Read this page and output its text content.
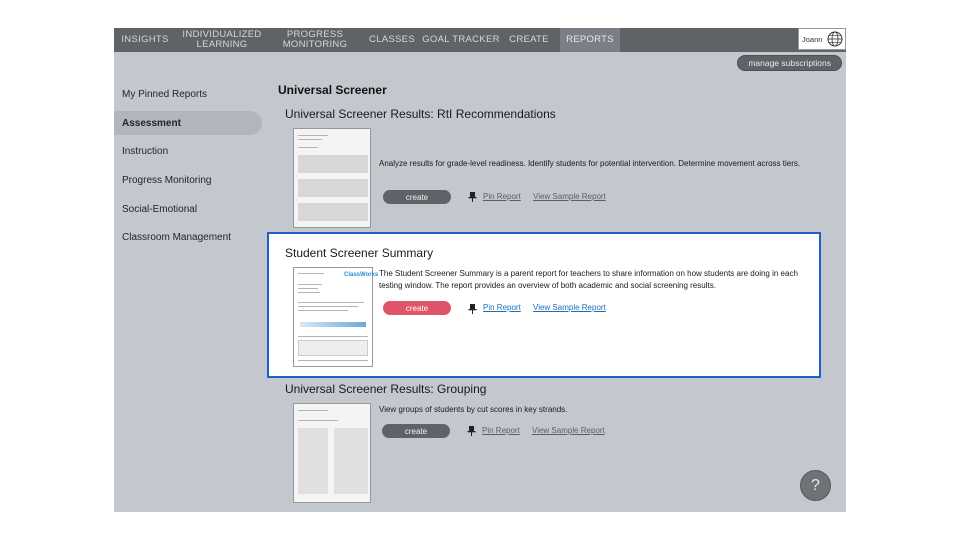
INSIGHTS	INDIVIDUALIZED
LEARNING
PROGRESS
MONITORING	CLASSES GOAL TRACKER CREATE	REPORTS	Joann
manage subscriptions
My Pinned Reports
Assessment
Instruction
Progress Monitoring
Social-Emotional
Classroom Management
Universal Screener
Universal Screener Results: RtI Recommendations
Analyze results for grade-level readiness. Identify students for potential intervention. Determine movement across tiers.
create	Pin Report View Sample Report
?
Student Screener Summary
ClassWorks The Student Screener Summary is a parent report for teachers to share information on how students are doing in each testing window. The report provides an overview of both academic and social screening results.
create	Pin Report View Sample Report
Universal Screener Results: Grouping
View groups of students by cut scores in key strands.
create	Pin Report View Sample Report
